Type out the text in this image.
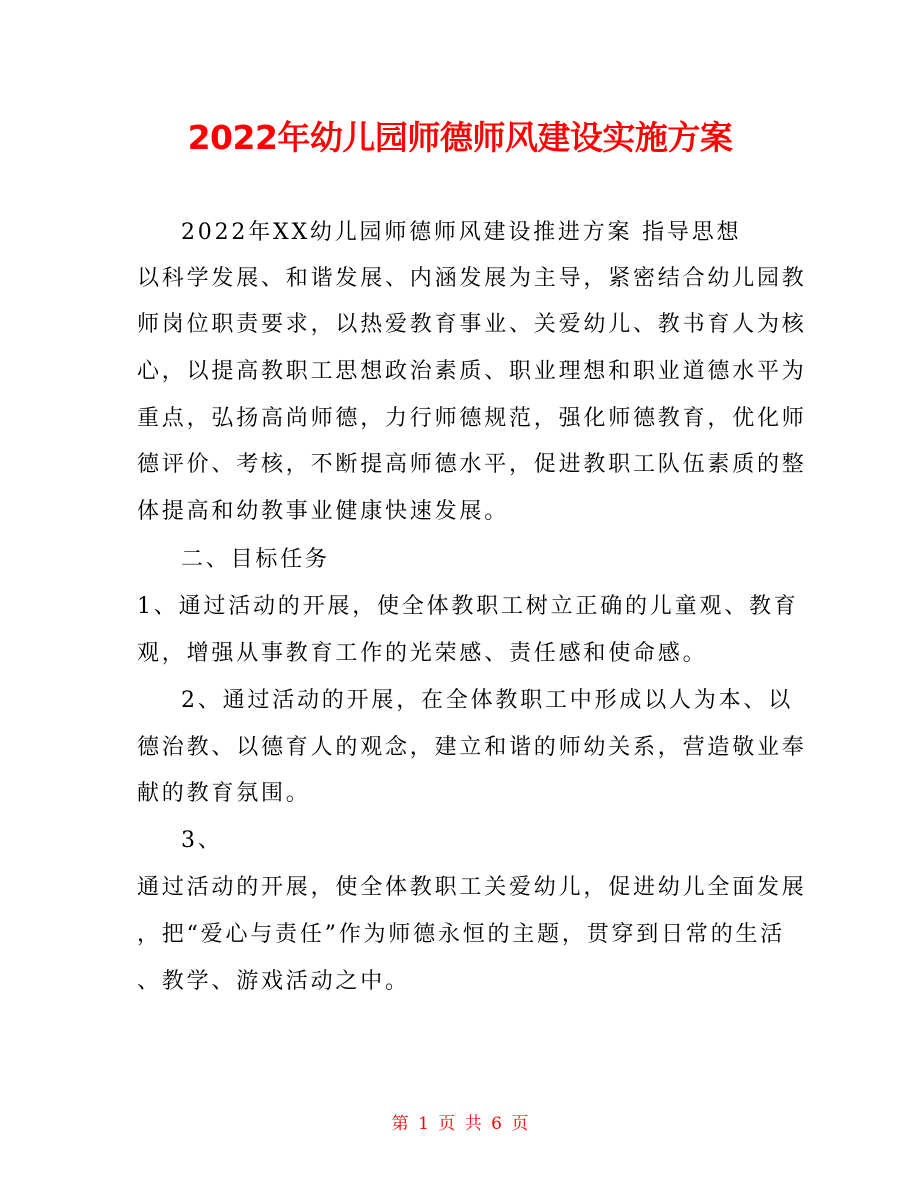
2022年幼儿园师德师风建设实施方案
2022年XX幼儿园师德师风建设推进方案 指导思想
以科学发展、和谐发展、内涵发展为主导，紧密结合幼儿园教
师岗位职责要求，以热爱教育事业、关爱幼儿、教书育人为核
心，以提高教职工思想政治素质、职业理想和职业道德水平为
重点，弘扬高尚师德，力行师德规范，强化师德教育，优化师
德评价、考核，不断提高师德水平，促进教职工队伍素质的整
体提高和幼教事业健康快速发展。
二、目标任务
1、通过活动的开展，使全体教职工树立正确的儿童观、教育
观，增强从事教育工作的光荣感、责任感和使命感。
2、通过活动的开展，在全体教职工中形成以人为本、以
德治教、以德育人的观念，建立和谐的师幼关系，营造敬业奉
献的教育氛围。
3、
通过活动的开展，使全体教职工关爱幼儿，促进幼儿全面发展
，把“爱心与责任”作为师德永恒的主题，贯穿到日常的生活
、教学、游戏活动之中。
第 1 页 共 6 页
